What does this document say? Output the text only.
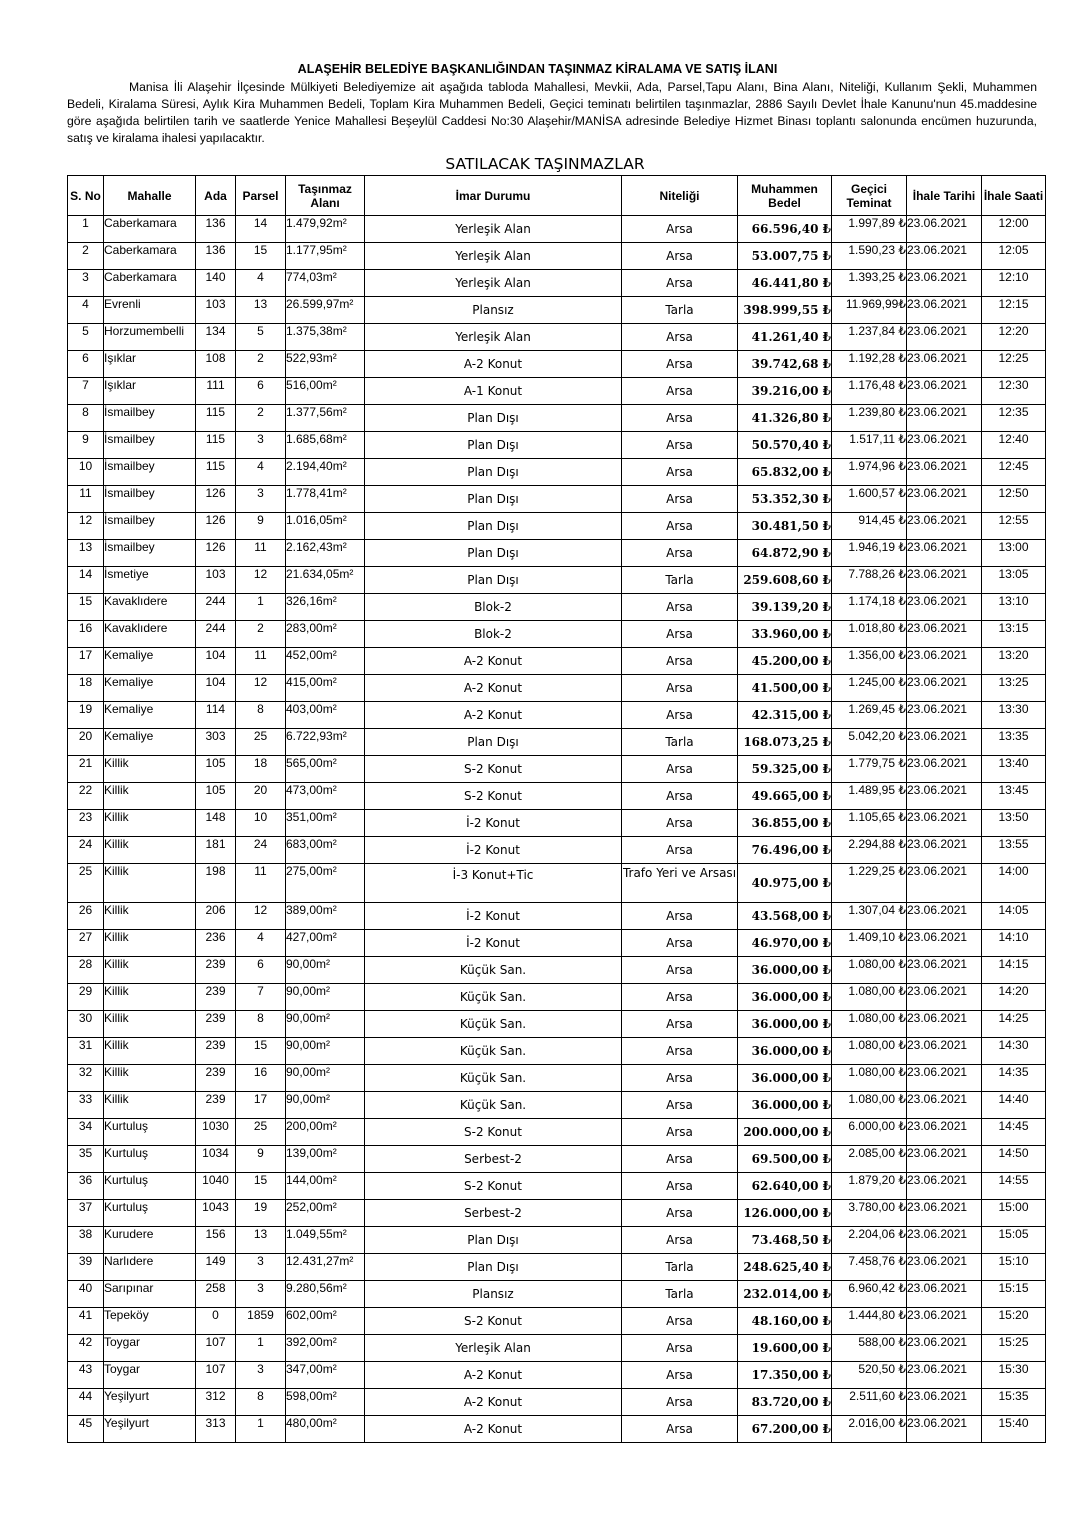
ALAŞEHİR BELEDİYE BAŞKANLIĞINDAN TAŞINMAZ KİRALAMA VE SATIŞ İLANI
Manisa İli Alaşehir İlçesinde Mülkiyeti Belediyemize ait aşağıda tabloda Mahallesi, Mevkii, Ada, Parsel,Tapu Alanı, Bina Alanı, Niteliği, Kullanım Şekli, Muhammen Bedeli, Kiralama Süresi, Aylık Kira Muhammen Bedeli, Toplam Kira Muhammen Bedeli, Geçici teminatı belirtilen taşınmazlar, 2886 Sayılı Devlet İhale Kanunu'nun 45.maddesine göre aşağıda belirtilen tarih ve saatlerde Yenice Mahallesi Beşeylül Caddesi No:30 Alaşehir/MANİSA adresinde Belediye Hizmet Binası toplantı salonunda encümen huzurunda, satış ve kiralama ihalesi yapılacaktır.
SATILACAK TAŞINMAZLAR
S. No	Mahalle	Ada	Parsel	Taşınmaz Alanı	İmar Durumu	Niteliği	Muhammen Bedel	Geçici Teminat	İhale Tarihi	İhale Saati
1	Caberkamara	136	14	1.479,92m²	Yerleşik Alan	Arsa	66.596,40 ₺	1.997,89 ₺	23.06.2021	12:00
2	Caberkamara	136	15	1.177,95m²	Yerleşik Alan	Arsa	53.007,75 ₺	1.590,23 ₺	23.06.2021	12:05
3	Caberkamara	140	4	774,03m²	Yerleşik Alan	Arsa	46.441,80 ₺	1.393,25 ₺	23.06.2021	12:10
4	Evrenli	103	13	26.599,97m²	Plansız	Tarla	398.999,55 ₺	11.969,99₺	23.06.2021	12:15
5	Horzumembelli	134	5	1.375,38m²	Yerleşik Alan	Arsa	41.261,40 ₺	1.237,84 ₺	23.06.2021	12:20
6	Işıklar	108	2	522,93m²	A-2 Konut	Arsa	39.742,68 ₺	1.192,28 ₺	23.06.2021	12:25
7	Işıklar	111	6	516,00m²	A-1 Konut	Arsa	39.216,00 ₺	1.176,48 ₺	23.06.2021	12:30
8	İsmailbey	115	2	1.377,56m²	Plan Dışı	Arsa	41.326,80 ₺	1.239,80 ₺	23.06.2021	12:35
9	İsmailbey	115	3	1.685,68m²	Plan Dışı	Arsa	50.570,40 ₺	1.517,11 ₺	23.06.2021	12:40
10	İsmailbey	115	4	2.194,40m²	Plan Dışı	Arsa	65.832,00 ₺	1.974,96 ₺	23.06.2021	12:45
11	İsmailbey	126	3	1.778,41m²	Plan Dışı	Arsa	53.352,30 ₺	1.600,57 ₺	23.06.2021	12:50
12	İsmailbey	126	9	1.016,05m²	Plan Dışı	Arsa	30.481,50 ₺	914,45 ₺	23.06.2021	12:55
13	İsmailbey	126	11	2.162,43m²	Plan Dışı	Arsa	64.872,90 ₺	1.946,19 ₺	23.06.2021	13:00
14	İsmetiye	103	12	21.634,05m²	Plan Dışı	Tarla	259.608,60 ₺	7.788,26 ₺	23.06.2021	13:05
15	Kavaklıdere	244	1	326,16m²	Blok-2	Arsa	39.139,20 ₺	1.174,18 ₺	23.06.2021	13:10
16	Kavaklıdere	244	2	283,00m²	Blok-2	Arsa	33.960,00 ₺	1.018,80 ₺	23.06.2021	13:15
17	Kemaliye	104	11	452,00m²	A-2 Konut	Arsa	45.200,00 ₺	1.356,00 ₺	23.06.2021	13:20
18	Kemaliye	104	12	415,00m²	A-2 Konut	Arsa	41.500,00 ₺	1.245,00 ₺	23.06.2021	13:25
19	Kemaliye	114	8	403,00m²	A-2 Konut	Arsa	42.315,00 ₺	1.269,45 ₺	23.06.2021	13:30
20	Kemaliye	303	25	6.722,93m²	Plan Dışı	Tarla	168.073,25 ₺	5.042,20 ₺	23.06.2021	13:35
21	Killik	105	18	565,00m²	S-2 Konut	Arsa	59.325,00 ₺	1.779,75 ₺	23.06.2021	13:40
22	Killik	105	20	473,00m²	S-2 Konut	Arsa	49.665,00 ₺	1.489,95 ₺	23.06.2021	13:45
23	Killik	148	10	351,00m²	İ-2 Konut	Arsa	36.855,00 ₺	1.105,65 ₺	23.06.2021	13:50
24	Killik	181	24	683,00m²	İ-2 Konut	Arsa	76.496,00 ₺	2.294,88 ₺	23.06.2021	13:55
25	Killik	198	11	275,00m²	İ-3 Konut+Tic	Trafo Yeri ve Arsası	40.975,00 ₺	1.229,25 ₺	23.06.2021	14:00
26	Killik	206	12	389,00m²	İ-2 Konut	Arsa	43.568,00 ₺	1.307,04 ₺	23.06.2021	14:05
27	Killik	236	4	427,00m²	İ-2 Konut	Arsa	46.970,00 ₺	1.409,10 ₺	23.06.2021	14:10
28	Killik	239	6	90,00m²	Küçük San.	Arsa	36.000,00 ₺	1.080,00 ₺	23.06.2021	14:15
29	Killik	239	7	90,00m²	Küçük San.	Arsa	36.000,00 ₺	1.080,00 ₺	23.06.2021	14:20
30	Killik	239	8	90,00m²	Küçük San.	Arsa	36.000,00 ₺	1.080,00 ₺	23.06.2021	14:25
31	Killik	239	15	90,00m²	Küçük San.	Arsa	36.000,00 ₺	1.080,00 ₺	23.06.2021	14:30
32	Killik	239	16	90,00m²	Küçük San.	Arsa	36.000,00 ₺	1.080,00 ₺	23.06.2021	14:35
33	Killik	239	17	90,00m²	Küçük San.	Arsa	36.000,00 ₺	1.080,00 ₺	23.06.2021	14:40
34	Kurtuluş	1030	25	200,00m²	S-2 Konut	Arsa	200.000,00 ₺	6.000,00 ₺	23.06.2021	14:45
35	Kurtuluş	1034	9	139,00m²	Serbest-2	Arsa	69.500,00 ₺	2.085,00 ₺	23.06.2021	14:50
36	Kurtuluş	1040	15	144,00m²	S-2 Konut	Arsa	62.640,00 ₺	1.879,20 ₺	23.06.2021	14:55
37	Kurtuluş	1043	19	252,00m²	Serbest-2	Arsa	126.000,00 ₺	3.780,00 ₺	23.06.2021	15:00
38	Kurudere	156	13	1.049,55m²	Plan Dışı	Arsa	73.468,50 ₺	2.204,06 ₺	23.06.2021	15:05
39	Narlıdere	149	3	12.431,27m²	Plan Dışı	Tarla	248.625,40 ₺	7.458,76 ₺	23.06.2021	15:10
40	Sarıpınar	258	3	9.280,56m²	Plansız	Tarla	232.014,00 ₺	6.960,42 ₺	23.06.2021	15:15
41	Tepeköy	0	1859	602,00m²	S-2 Konut	Arsa	48.160,00 ₺	1.444,80 ₺	23.06.2021	15:20
42	Toygar	107	1	392,00m²	Yerleşik Alan	Arsa	19.600,00 ₺	588,00 ₺	23.06.2021	15:25
43	Toygar	107	3	347,00m²	A-2 Konut	Arsa	17.350,00 ₺	520,50 ₺	23.06.2021	15:30
44	Yeşilyurt	312	8	598,00m²	A-2 Konut	Arsa	83.720,00 ₺	2.511,60 ₺	23.06.2021	15:35
45	Yeşilyurt	313	1	480,00m²	A-2 Konut	Arsa	67.200,00 ₺	2.016,00 ₺	23.06.2021	15:40
